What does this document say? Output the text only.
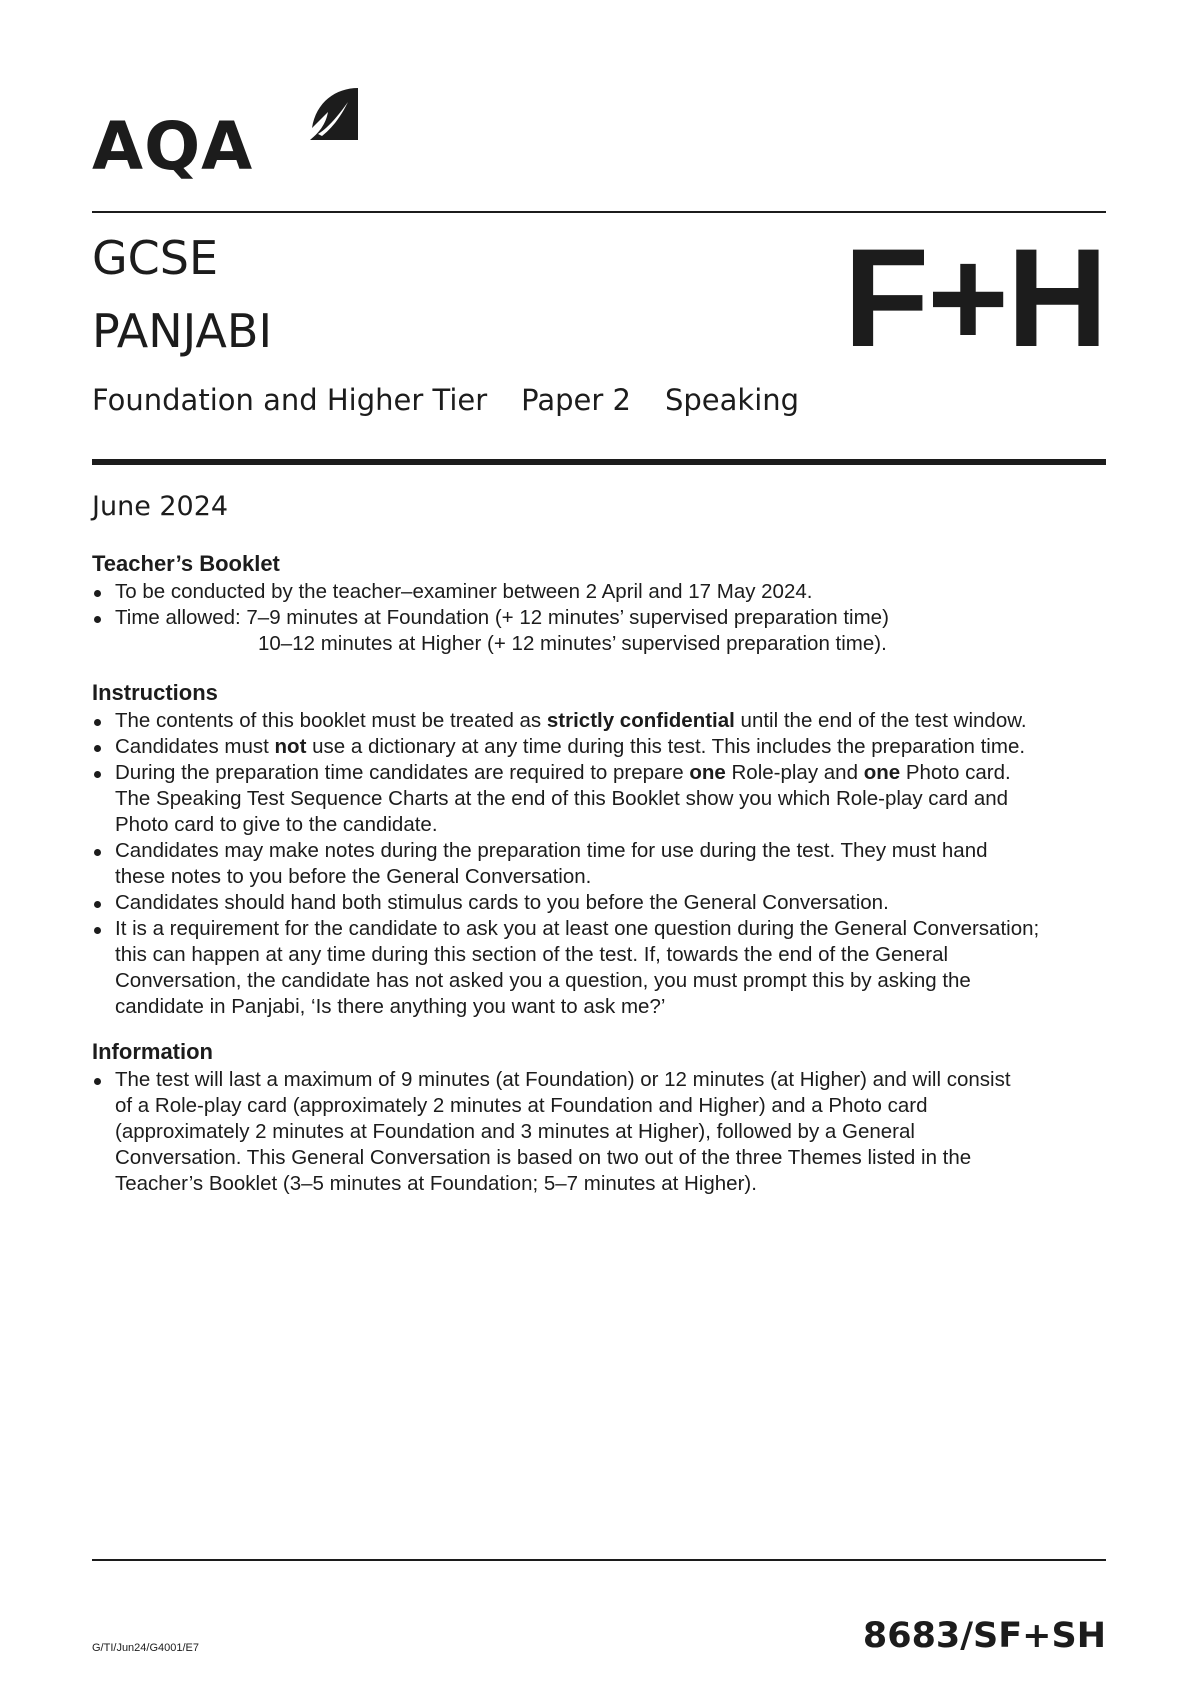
AQA
GCSE
PANJABI	F+H
Foundation and Higher Tier Paper 2 Speaking
June 2024
Teacher’s Booklet
To be conducted by the teacher–examiner between 2 April and 17 May 2024.
Time allowed: 7–9 minutes at Foundation (+ 12 minutes’ supervised preparation time)
10–12 minutes at Higher (+ 12 minutes’ supervised preparation time).
Instructions
The contents of this booklet must be treated as strictly confidential until the end of the test window.
Candidates must not use a dictionary at any time during this test. This includes the preparation time.
During the preparation time candidates are required to prepare one Role-play and one Photo card.
The Speaking Test Sequence Charts at the end of this Booklet show you which Role-play card and
Photo card to give to the candidate.
Candidates may make notes during the preparation time for use during the test. They must hand
these notes to you before the General Conversation.
Candidates should hand both stimulus cards to you before the General Conversation.
It is a requirement for the candidate to ask you at least one question during the General Conversation;
this can happen at any time during this section of the test. If, towards the end of the General
Conversation, the candidate has not asked you a question, you must prompt this by asking the
candidate in Panjabi, ‘Is there anything you want to ask me?’
Information
The test will last a maximum of 9 minutes (at Foundation) or 12 minutes (at Higher) and will consist
of a Role-play card (approximately 2 minutes at Foundation and Higher) and a Photo card
(approximately 2 minutes at Foundation and 3 minutes at Higher), followed by a General
Conversation. This General Conversation is based on two out of the three Themes listed in the
Teacher’s Booklet (3–5 minutes at Foundation; 5–7 minutes at Higher).
G/TI/Jun24/G4001/E7	8683/SF+SH
